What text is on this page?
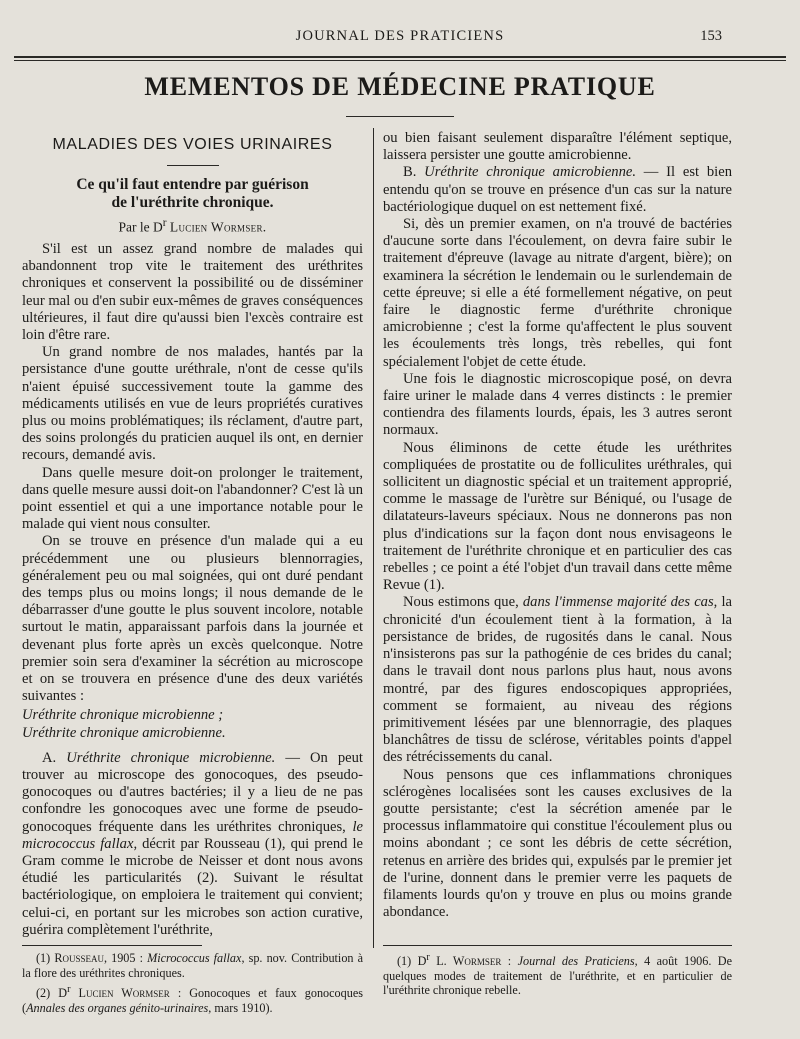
JOURNAL DES PRATICIENS	153
MEMENTOS DE MÉDECINE PRATIQUE
MALADIES DES VOIES URINAIRES
Ce qu'il faut entendre par guérison
de l'uréthrite chronique.
Par le $D^r$ Lucien Wormser.

S'il est un assez grand nombre de malades qui abandonnent trop vite le traitement des uréthrites chroniques et conservent la possibilité ou de disséminer leur mal ou d'en subir eux-mêmes de graves conséquences ultérieures, il faut dire qu'aussi bien l'excès contraire est loin d'être rare.

Un grand nombre de nos malades, hantés par la persistance d'une goutte uréthrale, n'ont de cesse qu'ils n'aient épuisé successivement toute la gamme des médicaments utilisés en vue de leurs propriétés curatives plus ou moins problématiques; ils réclament, d'autre part, des soins prolongés du praticien auquel ils ont, en dernier recours, demandé avis.

Dans quelle mesure doit-on prolonger le traitement, dans quelle mesure aussi doit-on l'abandonner? C'est là un point essentiel et qui a une importance notable pour le malade qui vient nous consulter.

On se trouve en présence d'un malade qui a eu précédemment une ou plusieurs blennorragies, généralement peu ou mal soignées, qui ont duré pendant des temps plus ou moins longs; il nous demande de le débarrasser d'une goutte le plus souvent incolore, notable surtout le matin, apparaissant parfois dans la journée et devenant plus forte après un excès quelconque. Notre premier soin sera d'examiner la sécrétion au microscope et on se trouvera en présence d'une des deux variétés suivantes :

Uréthrite chronique microbienne ;
Uréthrite chronique amicrobienne.

A. Uréthrite chronique microbienne. — On peut trouver au microscope des gonocoques, des pseudo-gonocoques ou d'autres bactéries; il y a lieu de ne pas confondre les gonocoques avec une forme de pseudo-gonocoques fréquente dans les uréthrites chroniques, le micrococcus fallax, décrit par Rousseau (1), qui prend le Gram comme le microbe de Neisser et dont nous avons étudié les particularités (2). Suivant le résultat bactériologique, on emploiera le traitement qui convient; celui-ci, en portant sur les microbes son action curative, guérira complètement l'uréthrite,

ou bien faisant seulement disparaître l'élément septique, laissera persister une goutte amicrobienne.

B. Uréthrite chronique amicrobienne. — Il est bien entendu qu'on se trouve en présence d'un cas sur la nature bactériologique duquel on est nettement fixé.

Si, dès un premier examen, on n'a trouvé de bactéries d'aucune sorte dans l'écoulement, on devra faire subir le traitement d'épreuve (lavage au nitrate d'argent, bière); on examinera la sécrétion le lendemain ou le surlendemain de cette épreuve; si elle a été formellement négative, on peut faire le diagnostic ferme d'uréthrite chronique amicrobienne ; c'est la forme qu'affectent le plus souvent les écoulements très longs, très rebelles, qui font spécialement l'objet de cette étude.

Une fois le diagnostic microscopique posé, on devra faire uriner le malade dans 4 verres distincts : le premier contiendra des filaments lourds, épais, les 3 autres seront normaux.

Nous éliminons de cette étude les uréthrites compliquées de prostatite ou de folliculites uréthrales, qui sollicitent un diagnostic spécial et un traitement approprié, comme le massage de l'urètre sur Béniqué, ou l'usage de dilatateurs-laveurs spéciaux. Nous ne donnerons pas non plus d'indications sur la façon dont nous envisageons le traitement de l'uréthrite chronique et en particulier des cas rebelles ; ce point a été l'objet d'un travail dans cette même Revue (1).

Nous estimons que, dans l'immense majorité des cas, la chronicité d'un écoulement tient à la formation, à la persistance de brides, de rugosités dans le canal. Nous n'insisterons pas sur la pathogénie de ces brides du canal; dans le travail dont nous parlons plus haut, nous avons montré, par des figures endoscopiques appropriées, comment se formaient, au niveau des régions primitivement lésées par une blennorragie, des plaques blanchâtres de tissu de sclérose, véritables points d'appel des rétrécissements du canal.

Nous pensons que ces inflammations chroniques sclérogènes localisées sont les causes exclusives de la goutte persistante; c'est la sécrétion amenée par le processus inflammatoire qui constitue l'écoulement plus ou moins abondant ; ce sont les débris de cette sécrétion, retenus en arrière des brides qui, expulsés par le premier jet de l'urine, donnent dans le premier verre les paquets de filaments lourds qu'on y trouve en plus ou moins grande abondance.

(1) Rousseau, 1905 : Micrococcus fallax, sp. nov. Contribution à la flore des uréthrites chroniques.

(2) $D^r$ Lucien Wormser : Gonocoques et faux gonocoques (Annales des organes génito-urinaires, mars 1910).

(1) $D^r$ L. Wormser : Journal des Praticiens, 4 août 1906. De quelques modes de traitement de l'uréthrite, et en particulier de l'uréthrite chronique rebelle.
